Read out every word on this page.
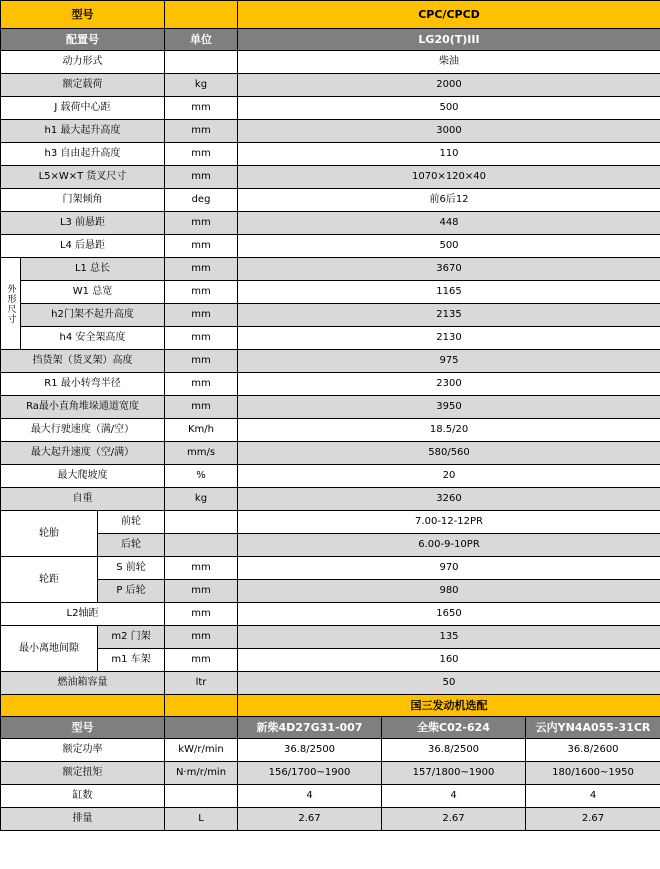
型号				CPC/CPCD		
配置号			单位	LG20(T)III		
动力形式				柴油		
额定载荷			kg	2000		
J 载荷中心距			mm	500		
h1 最大起升高度			mm	3000		
h3 自由起升高度			mm	110		
L5×W×T 货叉尺寸			mm	1070×120×40		
门架倾角			deg	前6后12		
L3 前悬距			mm	448		
L4 后悬距			mm	500		
外形尺寸	L1 总长		mm	3670		
	W1 总宽		mm	1165		
	h2门架不起升高度		mm	2135		
	h4 安全架高度		mm	2130		
挡货架（货叉架）高度			mm	975		
R1 最小转弯半径			mm	2300		
Ra最小直角堆垛通道宽度			mm	3950		
最大行驶速度（满/空）			Km/h	18.5/20		
最大起升速度（空/满）			mm/s	580/560		
最大爬坡度			%	20		
自重			kg	3260		
轮胎		前轮		7.00-12-12PR		
		后轮		6.00-9-10PR		
轮距		S 前轮	mm	970		
		P 后轮	mm	980		
L2轴距			mm	1650		
最小离地间隙		m2 门架	mm	135		
		m1 车架	mm	160		
燃油箱容量			ltr	50		
				国三发动机选配		
型号				新柴4D27G31-007	全柴C02-624	云内YN4A055-31CR
额定功率			kW/r/min	36.8/2500	36.8/2500	36.8/2600
额定扭矩			N·m/r/min	156/1700~1900	157/1800~1900	180/1600~1950
缸数				4	4	4
排量			L	2.67	2.67	2.67
